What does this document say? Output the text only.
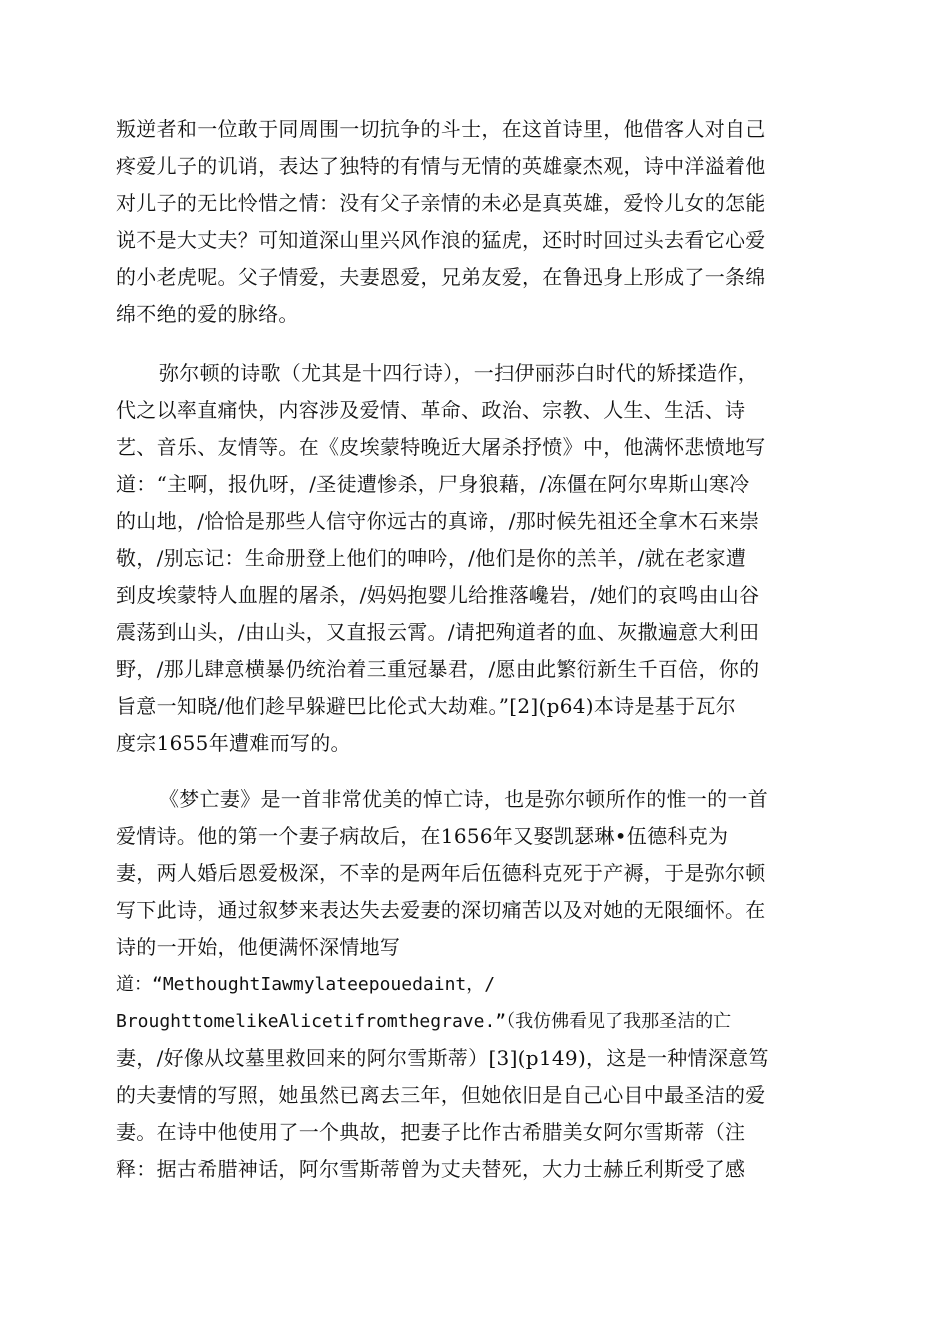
叛逆者和一位敢于同周围一切抗争的斗士，在这首诗里，他借客人对自己
疼爱儿子的讥诮，表达了独特的有情与无情的英雄豪杰观，诗中洋溢着他
对儿子的无比怜惜之情：没有父子亲情的未必是真英雄，爱怜儿女的怎能
说不是大丈夫？可知道深山里兴风作浪的猛虎，还时时回过头去看它心爱
的小老虎呢。父子情爱，夫妻恩爱，兄弟友爱，在鲁迅身上形成了一条绵
绵不绝的爱的脉络。
弥尔顿的诗歌（尤其是十四行诗），一扫伊丽莎白时代的矫揉造作，
代之以率直痛快，内容涉及爱情、革命、政治、宗教、人生、生活、诗
艺、音乐、友情等。在《皮埃蒙特晚近大屠杀抒愤》中，他满怀悲愤地写
道：“主啊，报仇呀，/圣徒遭惨杀，尸身狼藉，/冻僵在阿尔卑斯山寒冷
的山地，/恰恰是那些人信守你远古的真谛，/那时候先祖还全拿木石来崇
敬，/别忘记：生命册登上他们的呻吟，/他们是你的羔羊，/就在老家遭
到皮埃蒙特人血腥的屠杀，/妈妈抱婴儿给推落巉岩，/她们的哀鸣由山谷
震荡到山头，/由山头，又直报云霄。/请把殉道者的血、灰撒遍意大利田
野，/那儿肆意横暴仍统治着三重冠暴君，/愿由此繁衍新生千百倍，你的
旨意一知晓/他们趁早躲避巴比伦式大劫难。”[2](p64)本诗是基于瓦尔
度宗1655年遭难而写的。
《梦亡妻》是一首非常优美的悼亡诗，也是弥尔顿所作的惟一的一首
爱情诗。他的第一个妻子病故后，在1656年又娶凯瑟琳•伍德科克为
妻，两人婚后恩爱极深，不幸的是两年后伍德科克死于产褥，于是弥尔顿
写下此诗，通过叙梦来表达失去爱妻的深切痛苦以及对她的无限缅怀。在
诗的一开始，他便满怀深情地写
道：“MethoughtIawmylateepouedaint，/
BroughttomelikeAlicetifromthegrave.”（我仿佛看见了我那圣洁的亡
妻，/好像从坟墓里救回来的阿尔雪斯蒂）[3](p149)，这是一种情深意笃
的夫妻情的写照，她虽然已离去三年，但她依旧是自己心目中最圣洁的爱
妻。在诗中他使用了一个典故，把妻子比作古希腊美女阿尔雪斯蒂（注
释：据古希腊神话，阿尔雪斯蒂曾为丈夫替死，大力士赫丘利斯受了感
